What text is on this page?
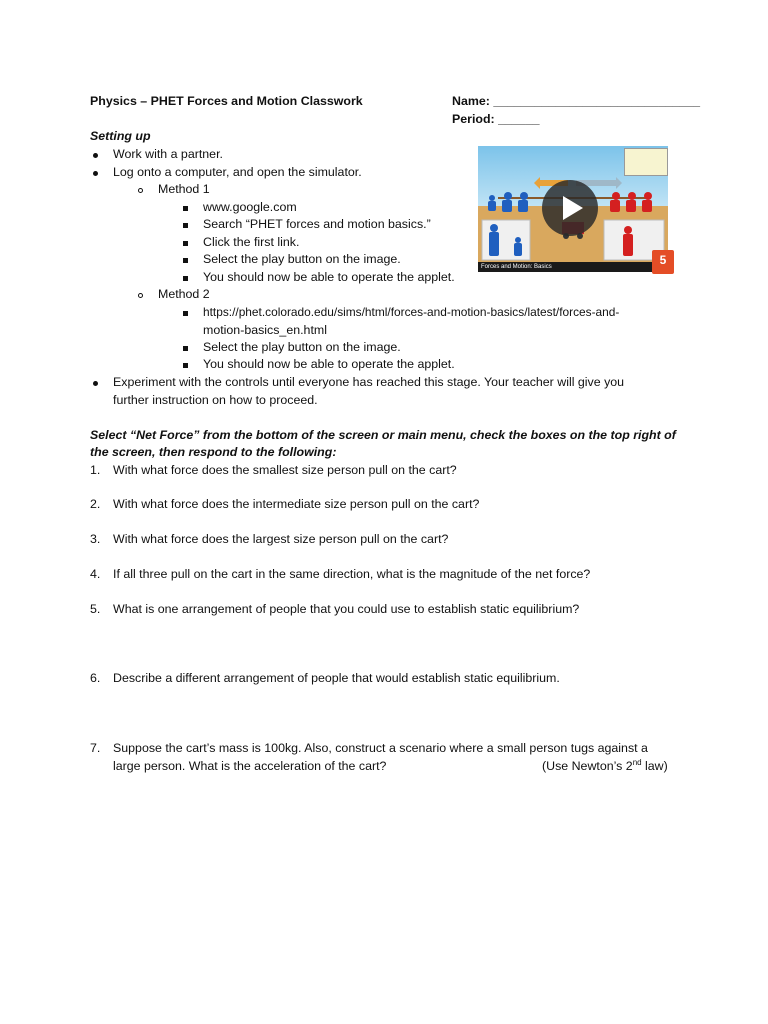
Physics – PHET Forces and Motion Classwork	Name: ______________________________
Period: ______
Setting up
Work with a partner.
Log onto a computer, and open the simulator.
Method 1
www.google.com
Search “PHET forces and motion basics.”
Click the first link.
Select the play button on the image.
You should now be able to operate the applet.
Method 2
https://phet.colorado.edu/sims/html/forces-and-motion-basics/latest/forces-and-
motion-basics_en.html
Select the play button on the image.
You should now be able to operate the applet.
Experiment with the controls until everyone has reached this stage. Your teacher will give you
further instruction on how to proceed.
Forces and Motion: Basics	5
Select “Net Force” from the bottom of the screen or main menu, check the boxes on the top right of
the screen, then respond to the following:
1. With what force does the smallest size person pull on the cart?
2. With what force does the intermediate size person pull on the cart?
3. With what force does the largest size person pull on the cart?
4. If all three pull on the cart in the same direction, what is the magnitude of the net force?
5. What is one arrangement of people that you could use to establish static equilibrium?
6. Describe a different arrangement of people that would establish static equilibrium.
7. Suppose the cart’s mass is 100kg. Also, construct a scenario where a small person tugs against a
large person. What is the acceleration of the cart?	(Use Newton’s 2nd law)
